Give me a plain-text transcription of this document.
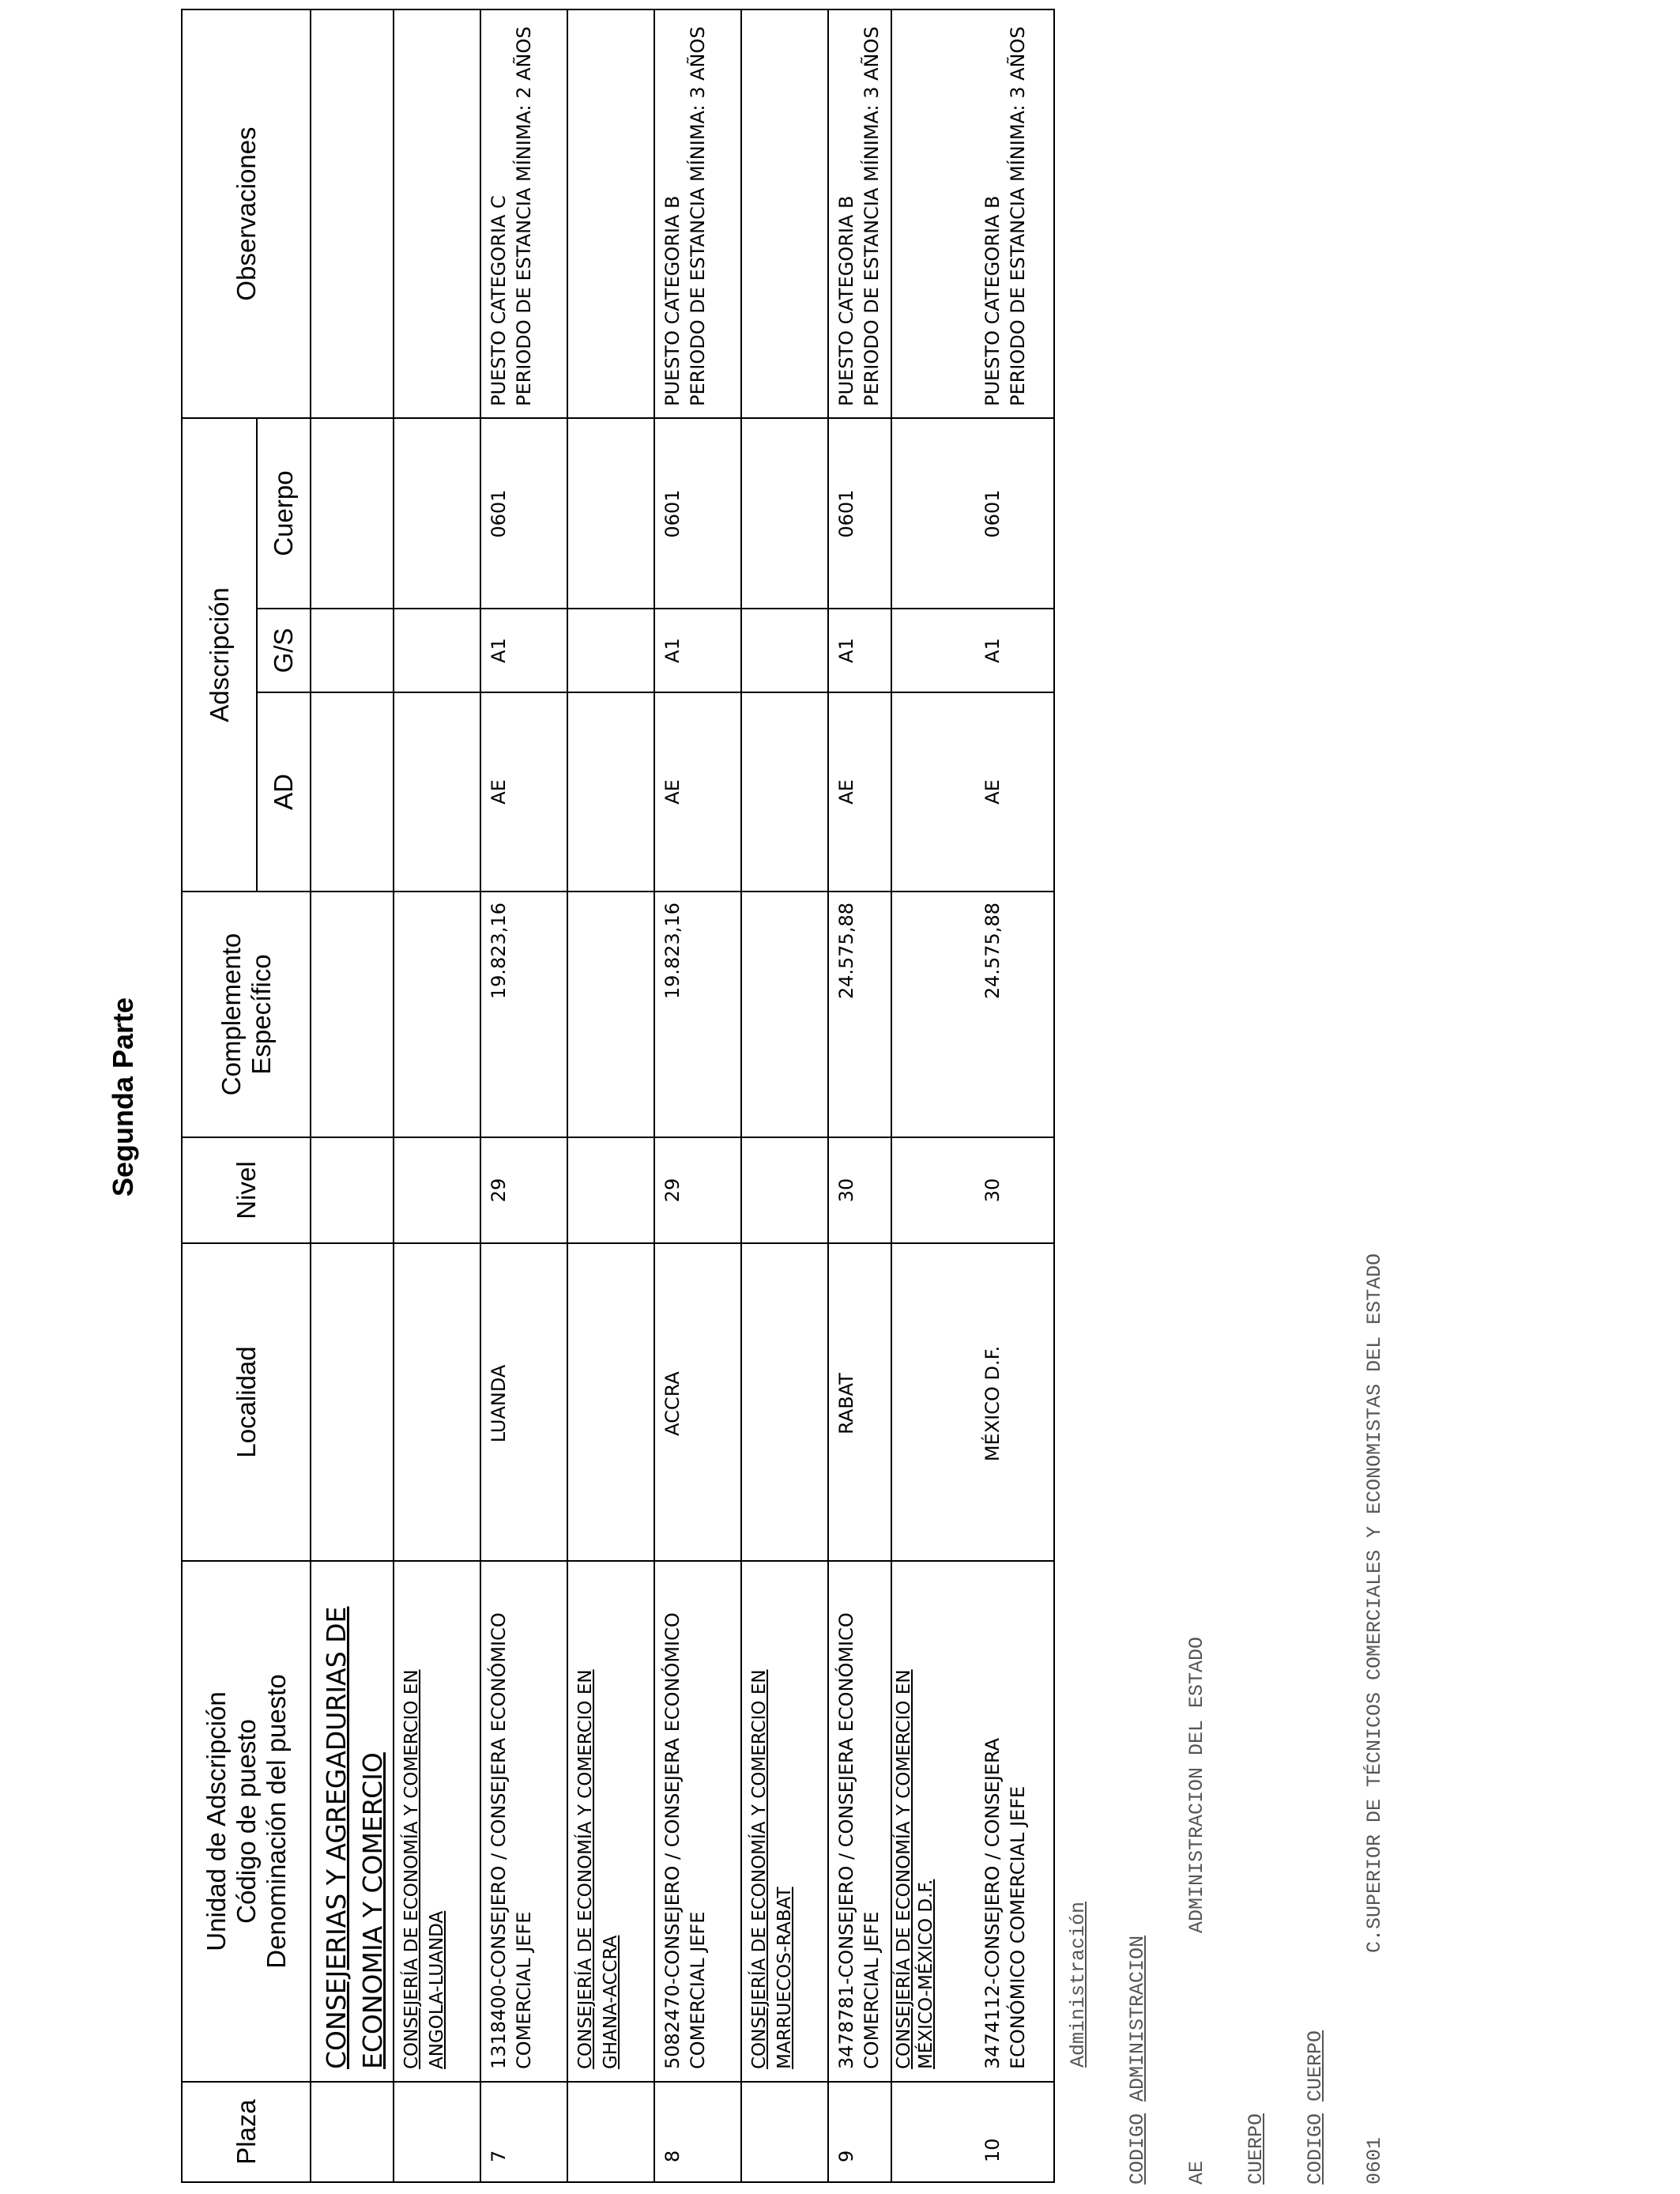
Segunda Parte
Plaza
Unidad de Adscripción Código de puesto Denominación del puesto
Localidad
Nivel
Complemento Específico
Adscripción
AD
G/S
Cuerpo
Observaciones
CONSEJERIAS Y AGREGADURIAS DE ECONOMIA Y COMERCIO CONSEJERÍA DE ECONOMÍA Y COMERCIO EN ANGOLA-LUANDA
7
1318400-CONSEJERO / CONSEJERA ECONÓMICO COMERCIAL JEFE
LUANDA
29
19.823,16
AE
A1
0601
PUESTO CATEGORIA C PERIODO DE ESTANCIA MÍNIMA: 2 AÑOS
CONSEJERÍA DE ECONOMÍA Y COMERCIO EN GHANA-ACCRA
8
5082470-CONSEJERO / CONSEJERA ECONÓMICO COMERCIAL JEFE
ACCRA
29
19.823,16
AE
A1
0601
PUESTO CATEGORIA B PERIODO DE ESTANCIA MÍNIMA: 3 AÑOS
CONSEJERÍA DE ECONOMÍA Y COMERCIO EN MARRUECOS-RABAT
9
3478781-CONSEJERO / CONSEJERA ECONÓMICO COMERCIAL JEFE
RABAT
30
24.575,88
AE
A1
0601
PUESTO CATEGORIA B PERIODO DE ESTANCIA MÍNIMA: 3 AÑOS
CONSEJERÍA DE ECONOMÍA Y COMERCIO EN MÉXICO-MÉXICO D.F.
10
3474112-CONSEJERO / CONSEJERA ECONÓMICO COMERCIAL JEFE
MÉXICO D.F.
30
24.575,88
AE
A1
0601
PUESTO CATEGORIA B PERIODO DE ESTANCIA MÍNIMA: 3 AÑOS
Administración
CODIGO ADMINISTRACION
AE
ADMINISTRACION DEL ESTADO
CUERPO CODIGO CUERPO
0601
C.SUPERIOR DE TÉCNICOS COMERCIALES Y ECONOMISTAS DEL ESTADO
